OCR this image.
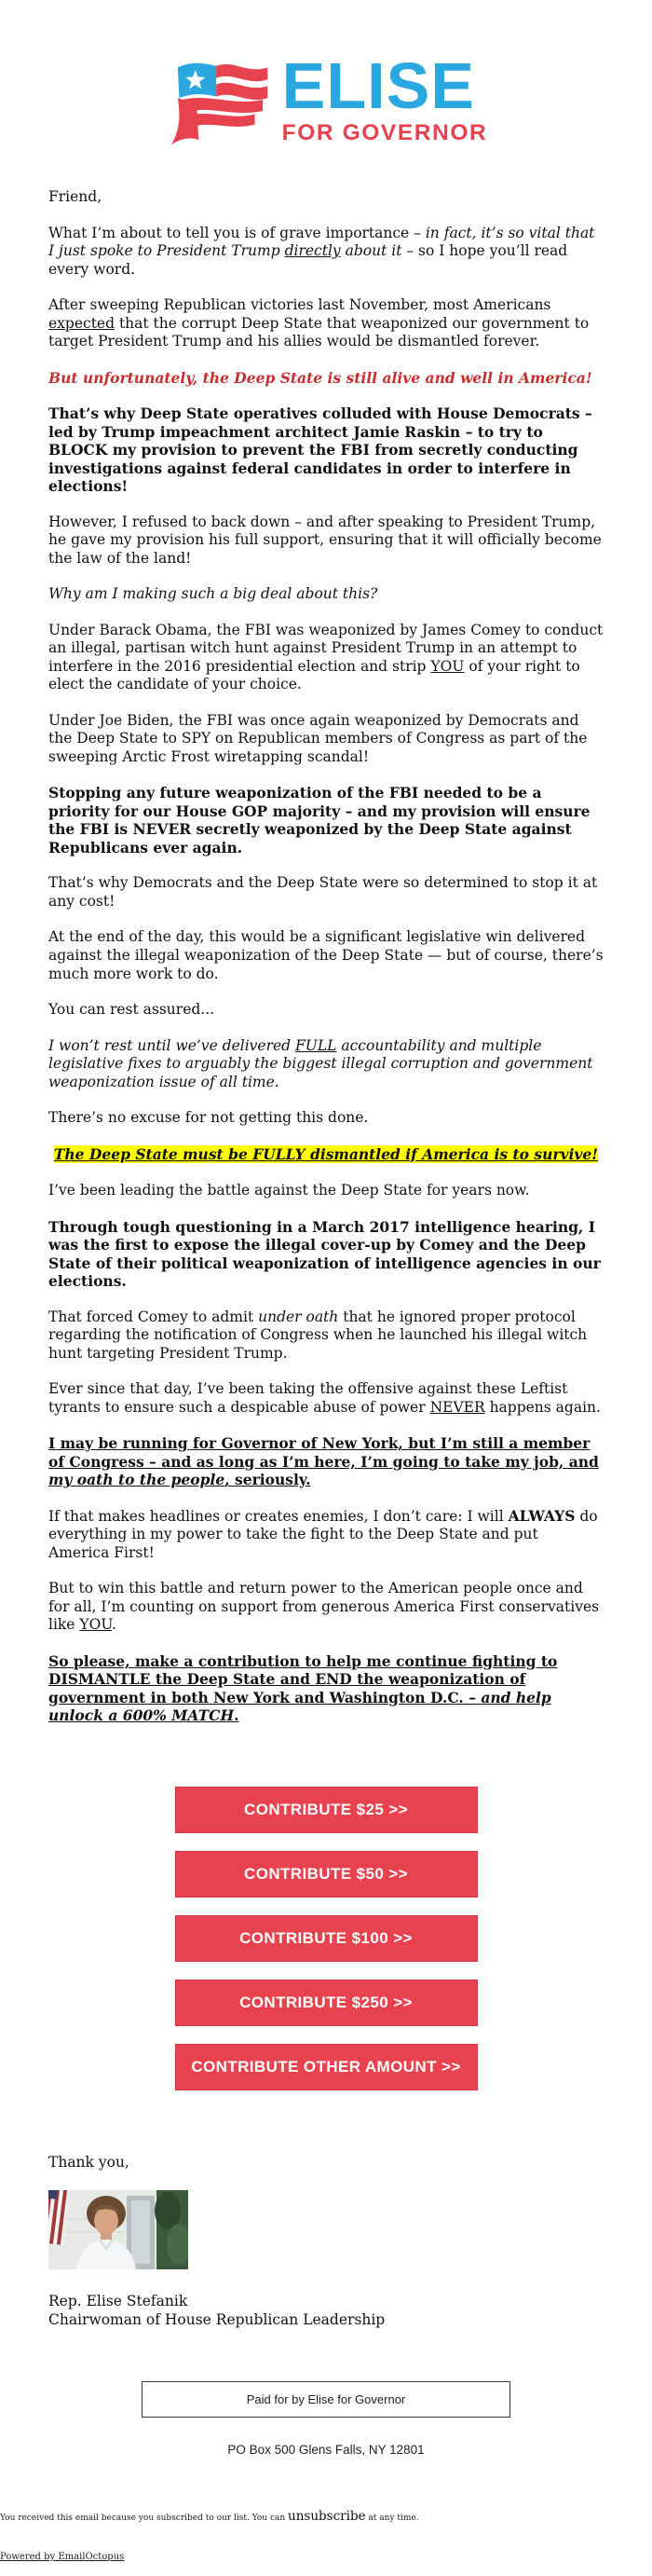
ELISE
FOR GOVERNOR

Friend,

What I’m about to tell you is of grave importance – in fact, it’s so vital that I just spoke to President Trump directly about it – so I hope you’ll read every word.

After sweeping Republican victories last November, most Americans expected that the corrupt Deep State that weaponized our government to target President Trump and his allies would be dismantled forever.

But unfortunately, the Deep State is still alive and well in America!

That’s why Deep State operatives colluded with House Democrats – led by Trump impeachment architect Jamie Raskin – to try to BLOCK my provision to prevent the FBI from secretly conducting investigations against federal candidates in order to interfere in elections!

However, I refused to back down – and after speaking to President Trump, he gave my provision his full support, ensuring that it will officially become the law of the land!

Why am I making such a big deal about this?

Under Barack Obama, the FBI was weaponized by James Comey to conduct an illegal, partisan witch hunt against President Trump in an attempt to interfere in the 2016 presidential election and strip YOU of your right to elect the candidate of your choice.

Under Joe Biden, the FBI was once again weaponized by Democrats and the Deep State to SPY on Republican members of Congress as part of the sweeping Arctic Frost wiretapping scandal!

Stopping any future weaponization of the FBI needed to be a priority for our House GOP majority – and my provision will ensure the FBI is NEVER secretly weaponized by the Deep State against Republicans ever again.

That’s why Democrats and the Deep State were so determined to stop it at any cost!

At the end of the day, this would be a significant legislative win delivered against the illegal weaponization of the Deep State — but of course, there’s much more work to do.

You can rest assured...

I won’t rest until we’ve delivered FULL accountability and multiple legislative fixes to arguably the biggest illegal corruption and government weaponization issue of all time.

There’s no excuse for not getting this done.

The Deep State must be FULLY dismantled if America is to survive!

I’ve been leading the battle against the Deep State for years now.

Through tough questioning in a March 2017 intelligence hearing, I was the first to expose the illegal cover-up by Comey and the Deep State of their political weaponization of intelligence agencies in our elections.

That forced Comey to admit under oath that he ignored proper protocol regarding the notification of Congress when he launched his illegal witch hunt targeting President Trump.

Ever since that day, I’ve been taking the offensive against these Leftist tyrants to ensure such a despicable abuse of power NEVER happens again.

I may be running for Governor of New York, but I’m still a member of Congress – and as long as I’m here, I’m going to take my job, and my oath to the people, seriously.

If that makes headlines or creates enemies, I don’t care: I will ALWAYS do everything in my power to take the fight to the Deep State and put America First!

But to win this battle and return power to the American people once and for all, I’m counting on support from generous America First conservatives like YOU.

So please, make a contribution to help me continue fighting to DISMANTLE the Deep State and END the weaponization of government in both New York and Washington D.C. – and help unlock a 600% MATCH.

CONTRIBUTE $25 >>
CONTRIBUTE $50 >>
CONTRIBUTE $100 >>
CONTRIBUTE $250 >>
CONTRIBUTE OTHER AMOUNT >>

Thank you,

Rep. Elise Stefanik

Chairwoman of House Republican Leadership

Paid for by Elise for Governor
PO Box 500 Glens Falls, NY 12801
You received this email because you subscribed to our list. You can unsubscribe at any time.
Powered by EmailOctopus
